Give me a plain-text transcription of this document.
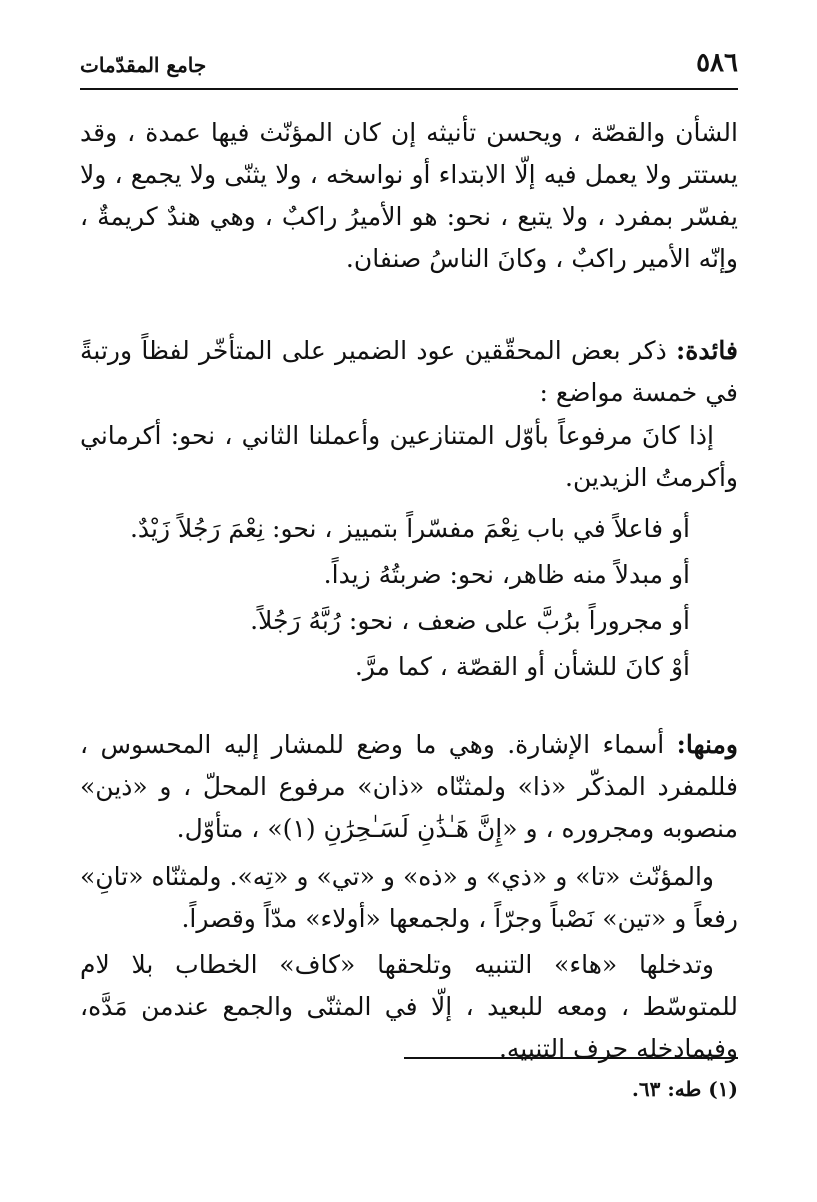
٥٨٦
جامع المقدّمات

الشأن والقصّة ، ويحسن تأنيثه إن كان المؤنّث فيها عمدة ، وقد يستتر ولا يعمل فيه إلّا الابتداء أو نواسخه ، ولا يثنّى ولا يجمع ، ولا يفسّر بمفرد ، ولا يتبع ، نحو: هو الأميرُ راكبٌ ، وهي هندٌ كريمةٌ ، وإنّه الأمير راكبٌ ، وكانَ الناسُ صنفان.

فائدة: ذكر بعض المحقّقين عود الضمير على المتأخّر لفظاً ورتبةً في خمسة مواضع :

إذا كانَ مرفوعاً بأوّل المتنازعين وأعملنا الثاني ، نحو: أكرماني وأكرمتُ الزيدين.

أو فاعلاً في باب نِعْمَ مفسّراً بتمييز ، نحو: نِعْمَ رَجُلاً زَيْدٌ.

أو مبدلاً منه ظاهر، نحو: ضربتُهُ زيداً.

أو مجروراً برُبَّ على ضعف ، نحو: رُبَّهُ رَجُلاً.

أوْ كانَ للشأن أو القصّة ، كما مرَّ.

ومنها: أسماء الإشارة. وهي ما وضع للمشار إليه المحسوس ، فللمفرد المذكّر «ذا» ولمثنّاه «ذان» مرفوع المحلّ ، و «ذين» منصوبه ومجروره ، و «إِنَّ هَـٰذَٰنِ لَسَـٰحِرَٰنِ (١)» ، متأوّل.

والمؤنّث «تا» و «ذي» و «ذه» و «تي» و «تِه». ولمثنّاه «تانِ» رفعاً و «تين» نَصْباً وجرّاً ، ولجمعها «أولاء» مدّاً وقصراً.

وتدخلها «هاء» التنبيه وتلحقها «كاف» الخطاب بلا لام للمتوسّط ، ومعه للبعيد ، إلّا في المثنّى والجمع عندمن مَدَّه، وفيمادخله حرف التنبيه.

(١) طه: ٦٣.
